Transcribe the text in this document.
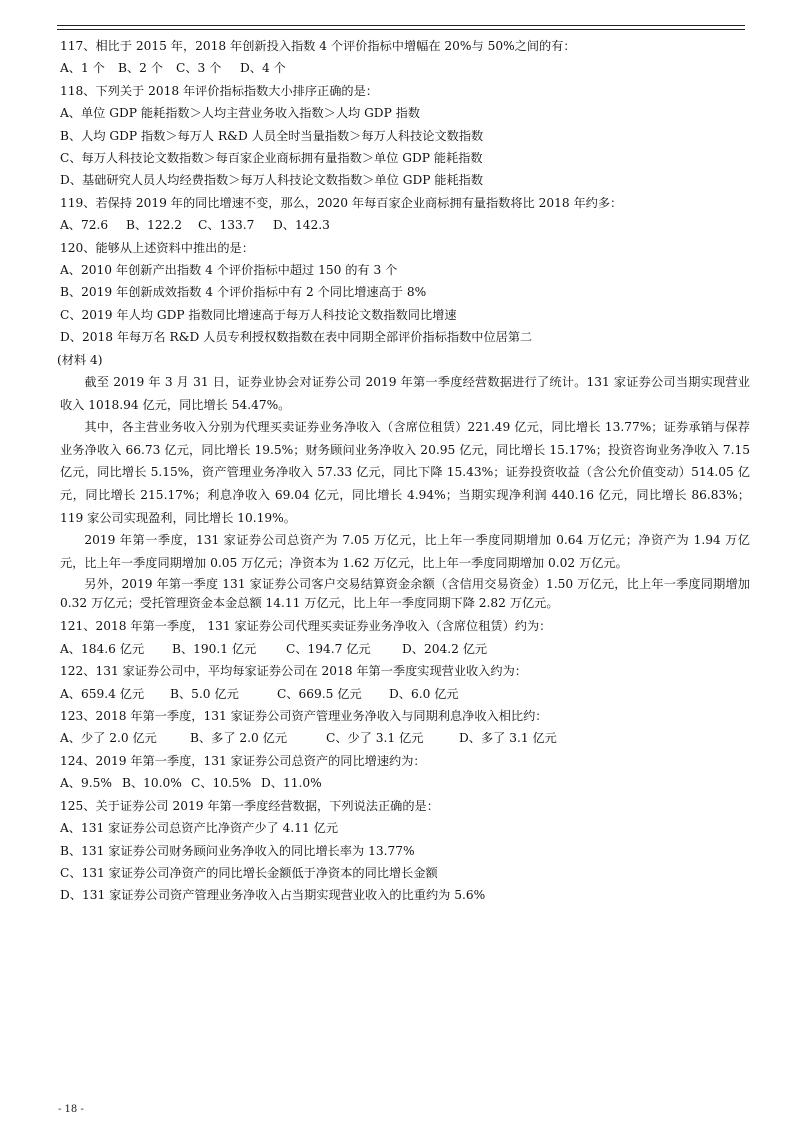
117、相比于 2015 年，2018 年创新投入指数 4 个评价指标中增幅在 20%与 50%之间的有：
A、1 个 B、2 个 C、3 个 D、4 个
118、下列关于 2018 年评价指标指数大小排序正确的是：
A、单位 GDP 能耗指数＞人均主营业务收入指数＞人均 GDP 指数
B、人均 GDP 指数＞每万人 R&D 人员全时当量指数＞每万人科技论文数指数
C、每万人科技论文数指数＞每百家企业商标拥有量指数＞单位 GDP 能耗指数
D、基础研究人员人均经费指数＞每万人科技论文数指数＞单位 GDP 能耗指数
119、若保持 2019 年的同比增速不变，那么，2020 年每百家企业商标拥有量指数将比 2018 年约多：
A、72.6 B、122.2 C、133.7 D、142.3
120、能够从上述资料中推出的是：
A、2010 年创新产出指数 4 个评价指标中超过 150 的有 3 个
B、2019 年创新成效指数 4 个评价指标中有 2 个同比增速高于 8%
C、2019 年人均 GDP 指数同比增速高于每万人科技论文数指数同比增速
D、2018 年每万名 R&D 人员专利授权数指数在表中同期全部评价指标指数中位居第二
(材料 4)

截至 2019 年 3 月 31 日，证券业协会对证券公司 2019 年第一季度经营数据进行了统计。131 家证券公司当期实现营业收入 1018.94 亿元，同比增长 54.47%。

其中，各主营业务收入分别为代理买卖证券业务净收入（含席位租赁）221.49 亿元，同比增长 13.77%；证券承销与保荐业务净收入 66.73 亿元，同比增长 19.5%；财务顾问业务净收入 20.95 亿元，同比增长 15.17%；投资咨询业务净收入 7.15 亿元，同比增长 5.15%，资产管理业务净收入 57.33 亿元，同比下降 15.43%；证券投资收益（含公允价值变动）514.05 亿元，同比增长 215.17%；利息净收入 69.04 亿元，同比增长 4.94%；当期实现净利润 440.16 亿元，同比增长 86.83%；119 家公司实现盈利，同比增长 10.19%。

2019 年第一季度，131 家证券公司总资产为 7.05 万亿元，比上年一季度同期增加 0.64 万亿元；净资产为 1.94 万亿元，比上年一季度同期增加 0.05 万亿元；净资本为 1.62 万亿元，比上年一季度同期增加 0.02 万亿元。

另外，2019 年第一季度 131 家证券公司客户交易结算资金余额（含信用交易资金）1.50 万亿元，比上年一季度同期增加 0.32 万亿元；受托管理资金本金总额 14.11 万亿元，比上年一季度同期下降 2.82 万亿元。

121、2018 年第一季度， 131 家证券公司代理买卖证券业务净收入（含席位租赁）约为：
A、184.6 亿元 B、190.1 亿元 C、194.7 亿元	D、204.2 亿元
122、131 家证券公司中，平均每家证券公司在 2018 年第一季度实现营业收入约为：
A、659.4 亿元 B、5.0 亿元	C、669.5 亿元 D、6.0 亿元
123、2018 年第一季度，131 家证券公司资产管理业务净收入与同期利息净收入相比约：
A、少了 2.0 亿元	B、多了 2.0 亿元	C、少了 3.1 亿元	D、多了 3.1 亿元
124、2019 年第一季度，131 家证券公司总资产的同比增速约为：
A、9.5% B、10.0% C、10.5% D、11.0%
125、关于证券公司 2019 年第一季度经营数据，下列说法正确的是：
A、131 家证券公司总资产比净资产少了 4.11 亿元
B、131 家证券公司财务顾问业务净收入的同比增长率为 13.77%
C、131 家证券公司净资产的同比增长金额低于净资本的同比增长金额
D、131 家证券公司资产管理业务净收入占当期实现营业收入的比重约为 5.6%
- 18 -
